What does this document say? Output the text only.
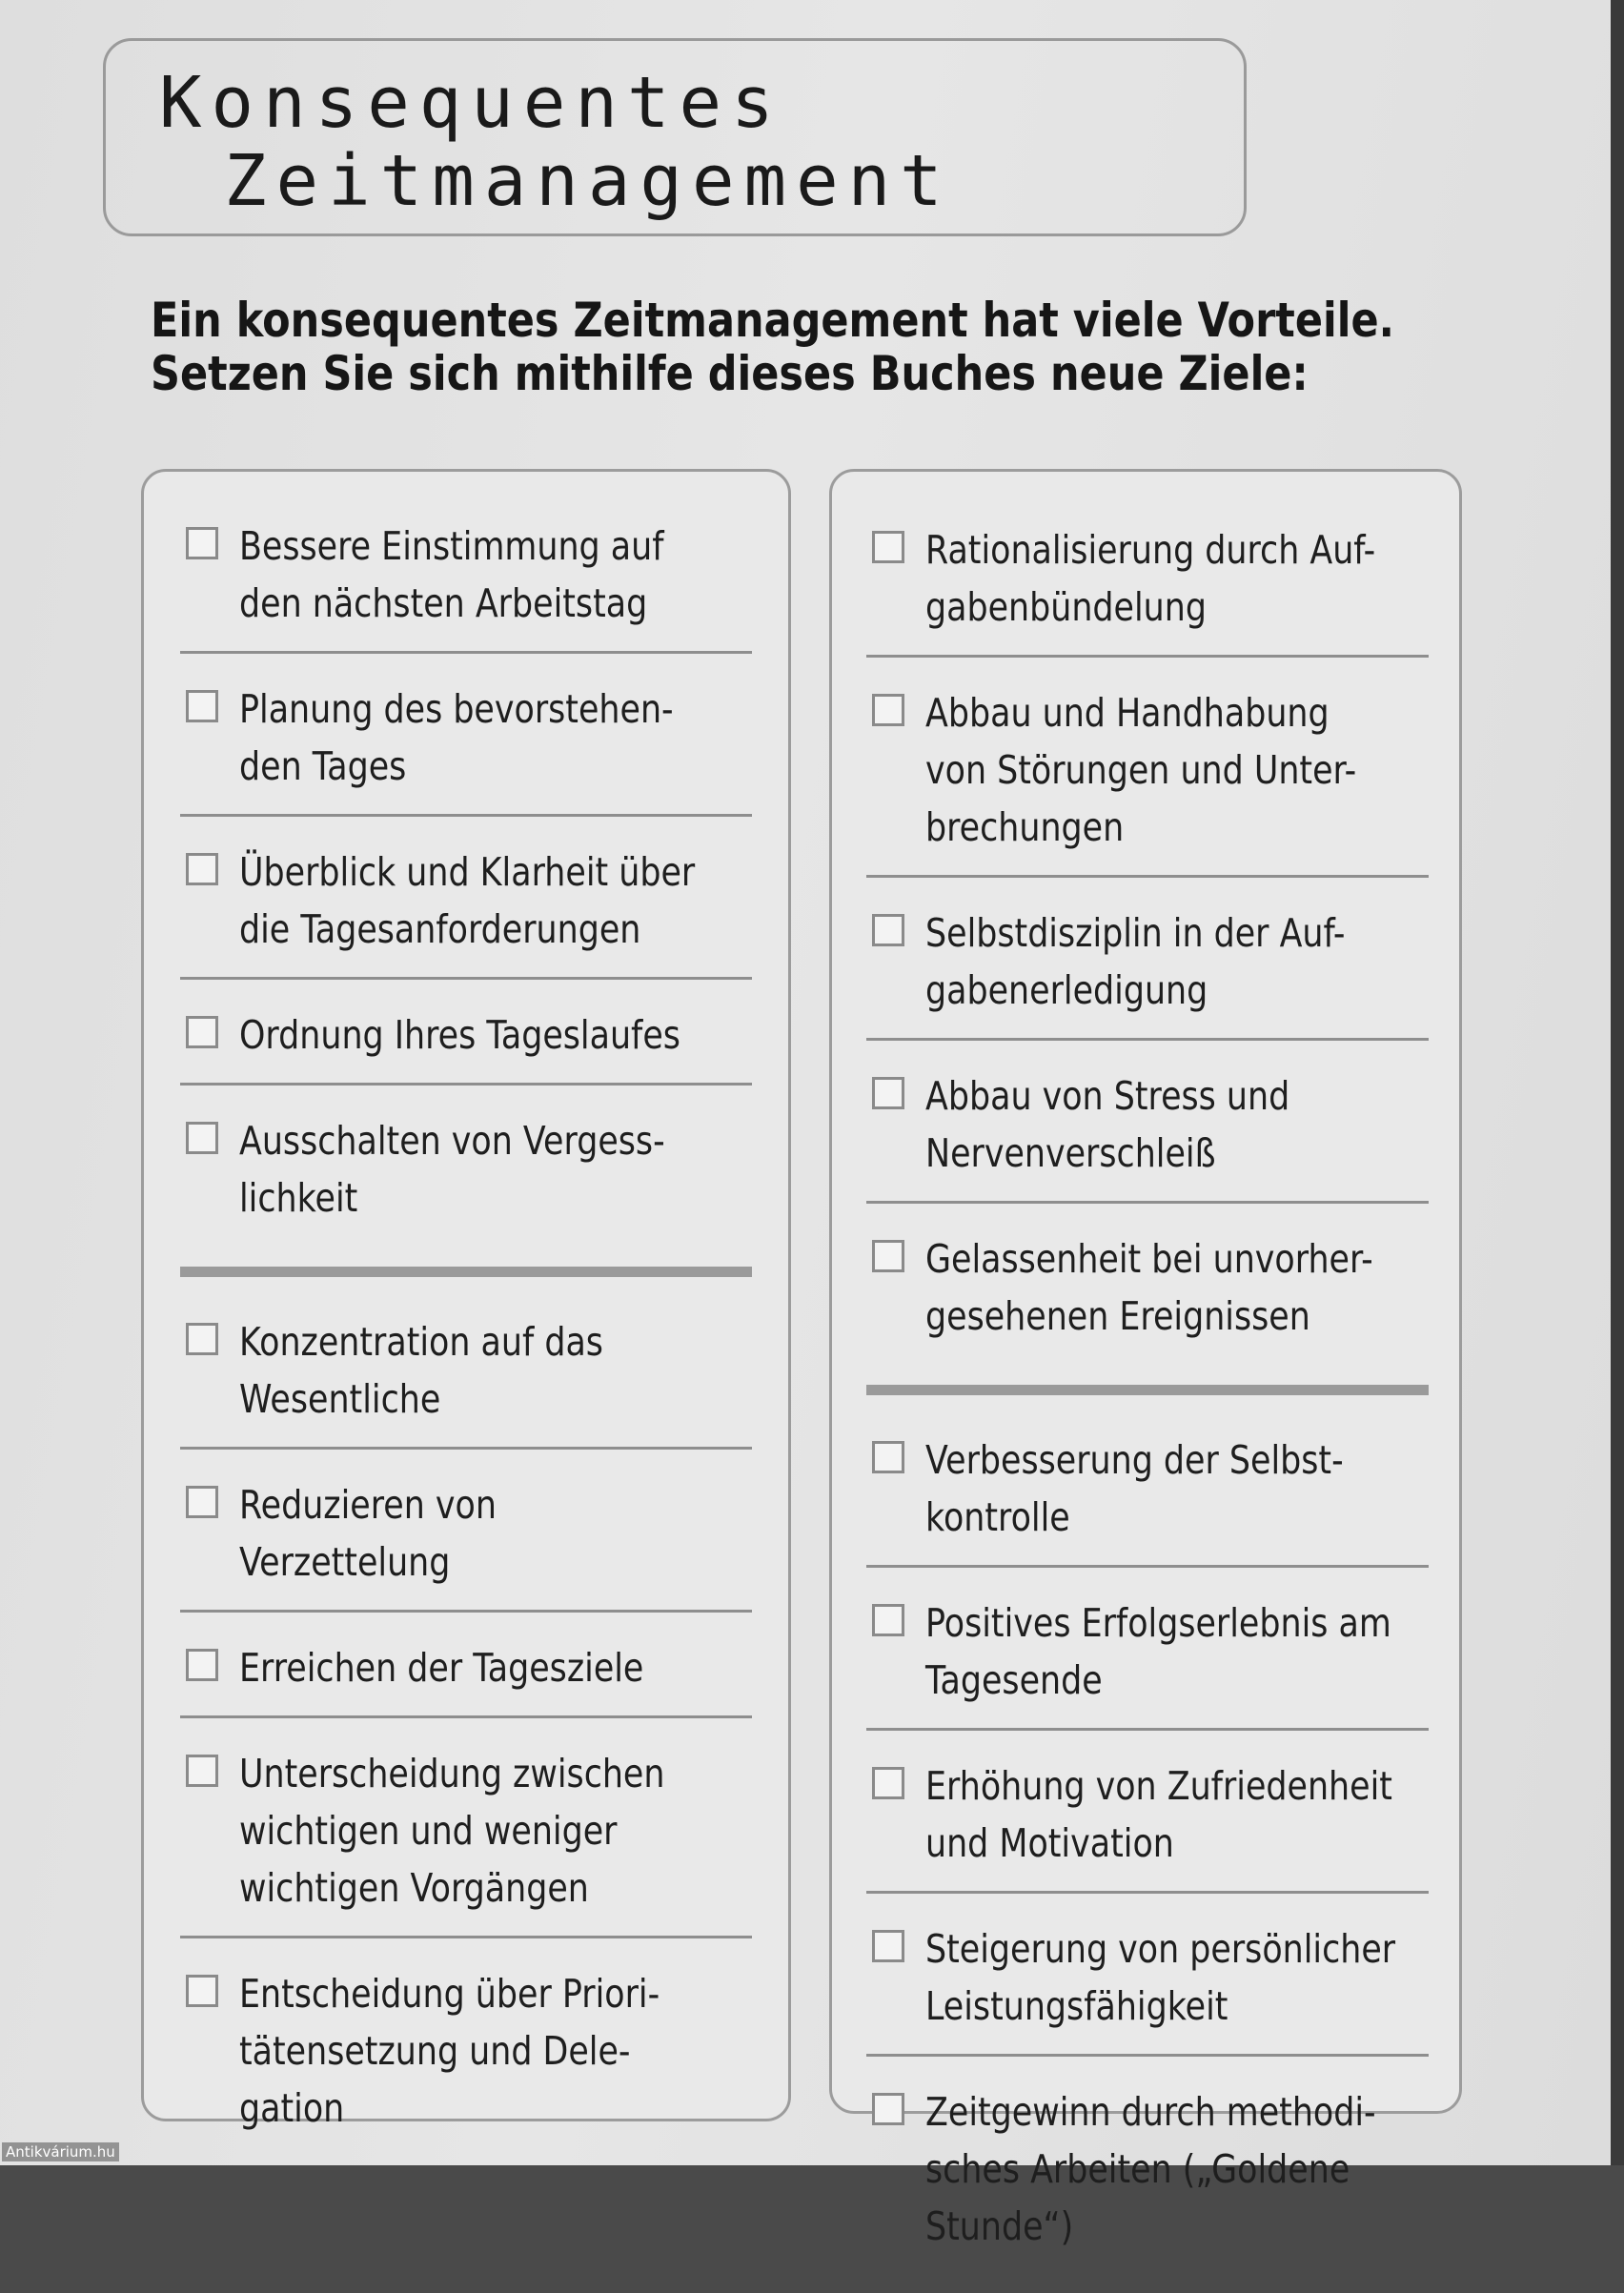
Konsequentes
Zeitmanagement
Ein konsequentes Zeitmanagement hat viele Vorteile.
Setzen Sie sich mithilfe dieses Buches neue Ziele:
Bessere Einstimmung auf
den nächsten Arbeitstag
Planung des bevorstehen-
den Tages
Überblick und Klarheit über
die Tagesanforderungen
Ordnung Ihres Tageslaufes
Ausschalten von Vergess-
lichkeit
Konzentration auf das
Wesentliche
Reduzieren von
Verzettelung
Erreichen der Tagesziele
Unterscheidung zwischen
wichtigen und weniger
wichtigen Vorgängen
Entscheidung über Priori-
tätensetzung und Dele-
gation
Rationalisierung durch Auf-
gabenbündelung
Abbau und Handhabung
von Störungen und Unter-
brechungen
Selbstdisziplin in der Auf-
gabenerledigung
Abbau von Stress und
Nervenverschleiß
Gelassenheit bei unvorher-
gesehenen Ereignissen
Verbesserung der Selbst-
kontrolle
Positives Erfolgserlebnis am
Tagesende
Erhöhung von Zufriedenheit
und Motivation
Steigerung von persönlicher
Leistungsfähigkeit
Zeitgewinn durch methodi-
sches Arbeiten („Goldene
Stunde“)
Antikvárium.hu
